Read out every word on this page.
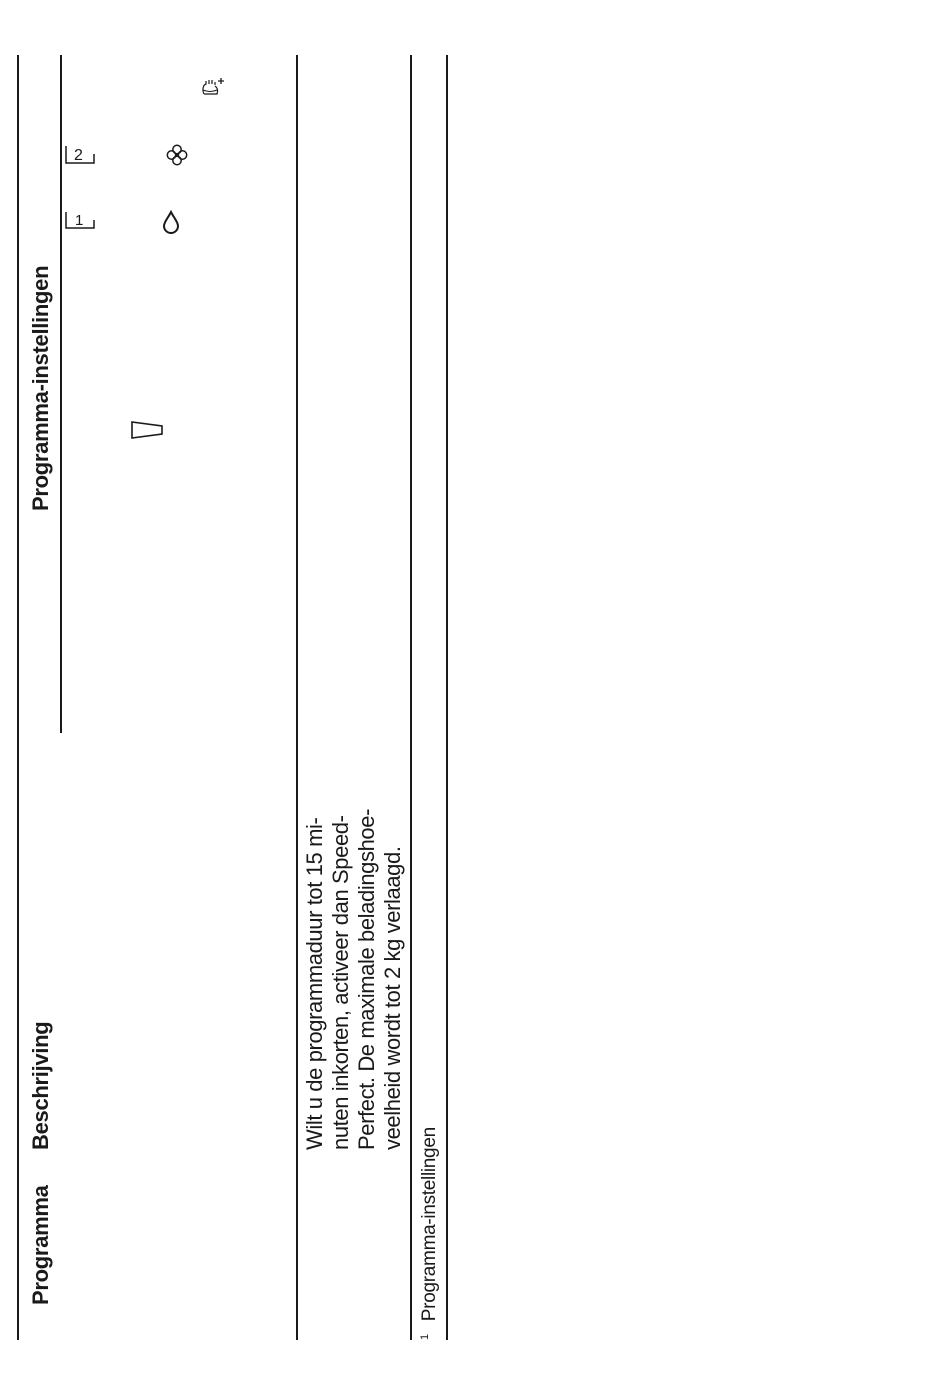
Programma
Beschrijving
Programma-instellingen
Wilt u de programmaduur tot 15 mi- nuten inkorten, activeer dan Speed- Perfect. De maximale beladingshoe- veelheid wordt tot 2 kg verlaagd.
$^1$ Programma-instellingen
1
2
